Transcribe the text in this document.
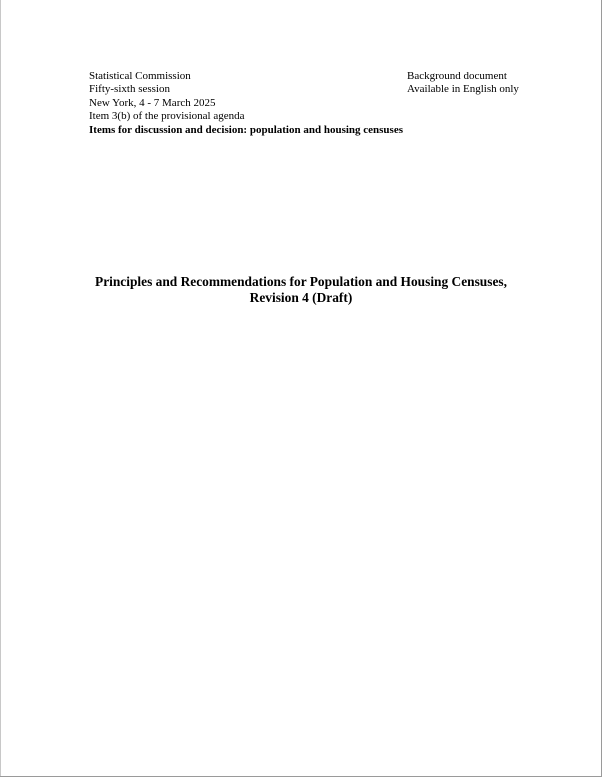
Statistical Commission
Fifty-sixth session
New York, 4 - 7 March 2025
Item 3(b) of the provisional agenda
Items for discussion and decision: population and housing censuses
Background document
Available in English only
Principles and Recommendations for Population and Housing Censuses,
Revision 4 (Draft)
